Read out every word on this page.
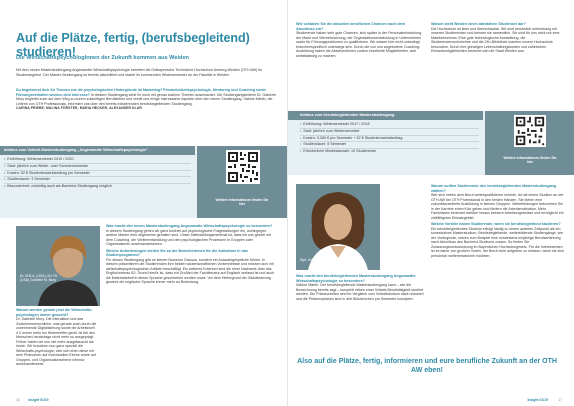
Auf die Plätze, fertig, (berufsbegleitend) studieren!
Die WirtschaftspsychologInnen der Zukunft kommen aus Weiden

Mit dem neuen Masterstudiengang Angewandte Wirtschaftspsychologie erweitert die Ostbayerische Technische Hochschule Amberg-Weiden (OTH AW) ihr Studienangebot. Der Master-Studiengang ist bereits akkreditiert und startet im kommenden Wintersemester an der Fakultät in Weiden.

Du begeisterst dich für Themen wie die psychologischen Hintergründe im Marketing? Persönlichkeitspsychologie, Mentoring und Coaching sowie Führungsverhalten wecken dein Interesse? In diesem Studiengang setzt ihr euch mit genau solchen Themen auseinander. Die Studiengangsleiterin Dr. Gabriele Mury begleitet euch auf dem Weg zu eurem zukünftigen Berufsleben und verrät uns einige interessante Aspekte über den neuen Studiengang. Sabine Märtin, die Leiterin von OTH Professionals, informiert uns über den bereits existierenden berufsbegleitenden Studiengang.
CARINA PRIEBE, MALINA FÖRSTER, MARIA HECKER, ALEXANDER KLAR
Infobox zum Vollzeit-Masterstudiengang „Angewandte Wirtschaftspsychologie“
• Einführung: Wintersemester 2019 / 2020
• Start: jährlich zum Winter- oder Sommersemester
• Kosten: 52 € Studentenwerksbeitrag pro Semester
• Studiendauer: 3 Semester
• Besonderheit: zukünftig auch als Bachelor-Studiengang möglich
Weitere Informationen finden Sie hier
Dr. M.B.A. (USA), M.H.R. (USA) Gabriele M. Mury
Warum werden gerade jetzt die Wirtschafts-psychologen immer gesucht?
Dr. Gabriele Mury: Die Interaktion und das Zwischenmenschliche, was gerade auch durch die zunehmende Digitalisierung sowie die Arbeitswelt 4.0 immer mehr ins Hintertreffen gerät, ist bei den Menschen heutzutage nicht mehr so ausgeprägt. Früher haben wir uns viel mehr ausgetauscht als heute. Wir brauchen nun ganz speziell die Wirtschafts-psychologie, weil sich eben diese mit dem Phänomen auf Individuellen Ebene sowie auf Gruppen- und Organisationsebene intensiv auseinandersetzt.
Was macht den neuen Masterstudiengang Angewandte Wirtschaftspsychologie so besonders?
In diesem Studiengang gehen wir ganz konkret auf psychologische Fragestellungen ein, wohingegen andere Master eher allgemeine gehalten sind. Unser Alleinstellungsmerkmal ist, dass wir uns gezielt mit dem Coaching, der Weiterentwicklung und den psychologischen Prozessen in Gruppen oder Organisationen auseinandersetzen.
Welche Anforderungen stellen Sie an die Bewerberinnen für die Aufnahme in das Studienprogramm?
Für diesen Studiengang gibt es keinen Numerus Clausus, sondern ein Auswahlgespräche führen. In diesem präsentieren die Studierenden ihre beiden wissenschaftlichen Vorkenntnisse und müssen sich mit wirtschaftspsychologischen Artikeln beschäftigt. Ein weiteres Kriterium sind die einer Nachweis über das Englischniveau B2. Grund hierfür ist, dass ein Großteil der Fachliteratur auf Englisch verfasst ist und auch die Materialarbeit in dieser Sprache geschrieben werden muss. Vor dem Hintergrund der Globalisierung gewinnt die englische Sprache immer mehr an Bedeutung.
Insight 01/19
16
Wie schätzen Sie die aktuellen beruflichen Chancen nach dem Abschluss ein?
Studierende haben sehr gute Chancen, sich später in der Personalentwicklung, der Markt und Werbeforschung, der Organisationsentwicklung in Unternehmen sowie für Führungspositionen zu qualifizieren. Wir wissen hier nicht unbedingt branchenspezifisch unterwegs sein. Durch die von uns angebotene Coaching-Ausbildung haben die Absolventinnen zudem exzellente Möglichkeiten, sich selbstständig zu machen.
Warum stellt Weiden einen attraktiven Studienort dar?
Die Hochschule ist klein und überschaubar. Wir sind persönlich untereinang mit unseren Studierenden und kennen sie namentlich. Sie sind für uns nicht nur eine Matrikelnummer. Eine gute technologische Ausstattung, die Studierendenwohnheime und die 24h-Bibliothek machen unsere Hochschule besonders. Durch ihre günstigen Lebenshaltungskosten und zahlreichen Einkaufsmöglichkeiten zeichnet sich die Stadt Weiden aus.
Infobox zum berufsbegleitenden Masterstudiengang
• Einführung: Wintersemester 2017 / 2018
• Start: jährlich zum Wintersemester
• Kosten: 3.350 € pro Semester + 52 € Studentenwerksbeitrag
• Studiendauer: 5 Semester
• Erforderliche Mindestanzahl: 10 Studierende
Weitere Informationen finden Sie hier
Dipl.-Volkswirtin (Univ.) Sabine Märtin
Was macht den berufsbegleitenden Masterstudiengang Angewandte Wirtschaftspsychologie so besonders?
Sabine Märtin: Der berufsbegleitende Masterstudiengang kann – wie die Bezeichnung bereits sagt – komplett neben einer Vollzeit-Berufstätigkeit studiert werden. Die Präsenzzeiten sind im Vergleich zum Vollzeitstudium stark reduziert und die Präsenzphasen sind in drei Blöckenchen pro Semester konzipiert.
Warum sollten Studierende den berufsbegleitenden Masterstudiengang wählen?
Wer sich neben dem Beruf weiterqualifizieren möchte, ist mit einem Studium an der OTH AW bei OTH Professional in den besten Händen. Sie bieten eine zukunftsorientierte Ausbildung in kleinen Gruppen. Weiterbildungen bekommen Sie in der Karriere einen Kick geben und fördern die Arbeitsmotivation. Mehr Fachwissen bedeutet darüber hinaus bessere Arbeitsergebnisse und ermöglicht ein vielfältigeres Einsatzgebiet.
Welche Vorteile haben Studierende, wenn sie berufsbegleitend studieren?
Ein berufsbegleitendes Studium erfolgt häufig zu einem anderen Zeitpunkt als ein konsekutives Masterstudium. Berufsbegleitende, weiterbildende Studiengänge, wie der Vorliegende, setzen zum Beispiel eine mindestens einjährige Berufserfahrung nach Abschluss des Bachelor-Studiums voraus. So bieten Sie Zulassungsvoraussetzung im Bayerischen Hochschulgesetz. Für die Interessenten ist es daher von großem Vorteil, der Beruf nicht aufgeben zu müssen, wenn sie sich persönlich weiterentwickeln möchten.
Insight 01/19	17
Also auf die Plätze, fertig, informieren und eure berufliche Zukunft an der OTH AW eben!
